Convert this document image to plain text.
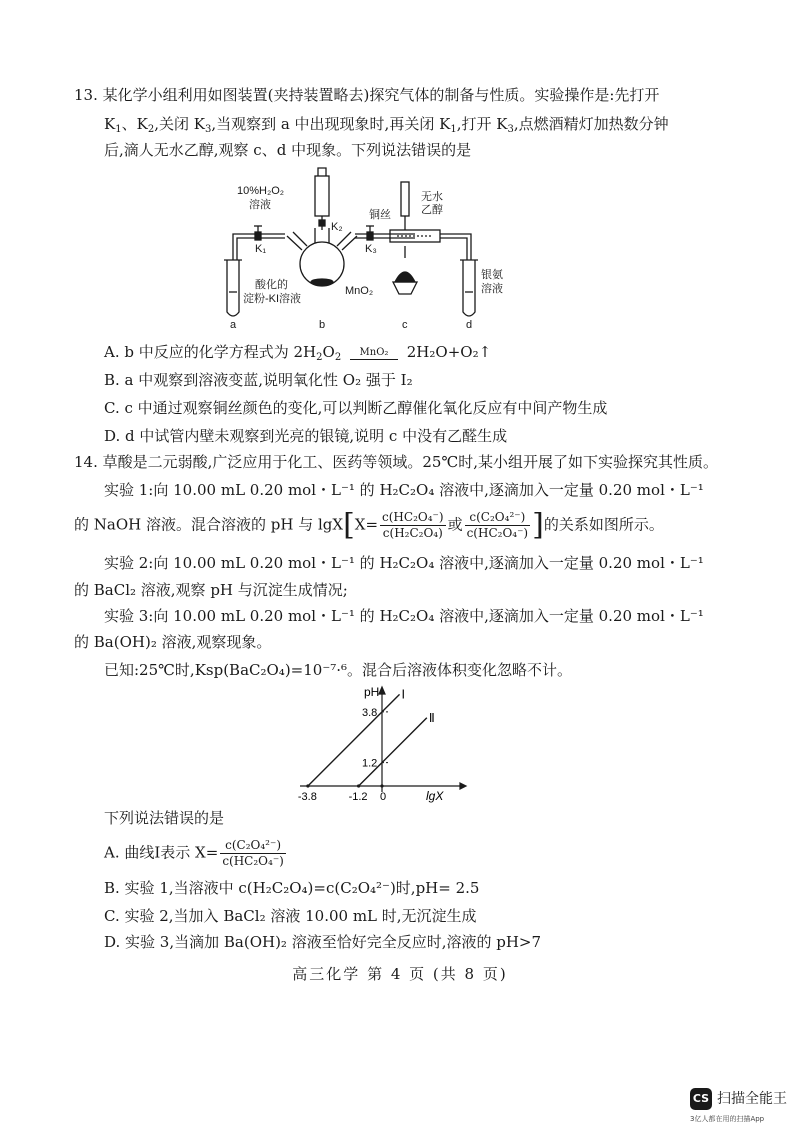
13. 某化学小组利用如图装置(夹持装置略去)探究气体的制备与性质。实验操作是:先打开
$K_1$、$K_2$,关闭 $K_3$,当观察到 a 中出现现象时,再关闭 $K_1$,打开 $K_3$,点燃酒精灯加热数分钟
后,滴人无水乙醇,观察 c、d 中现象。下列说法错误的是
10%H₂O₂
溶液
K₁
K₂
K₃
MnO₂
酸化的
淀粉-KI溶液
铜丝
无水
乙醇
银氨
溶液
a	b	c	d
A. b 中反应的化学方程式为 $2H_2O_2$	MnO₂	2H₂O+O₂↑
B. a 中观察到溶液变蓝,说明氧化性 O₂ 强于 I₂
C. c 中通过观察铜丝颜色的变化,可以判断乙醇催化氧化反应有中间产物生成
D. d 中试管内壁未观察到光亮的银镜,说明 c 中没有乙醛生成
14. 草酸是二元弱酸,广泛应用于化工、医药等领域。25℃时,某小组开展了如下实验探究其性质。
实验 1:向 10.00 mL 0.20 mol・L⁻¹ 的 H₂C₂O₄ 溶液中,逐滴加入一定量 0.20 mol・L⁻¹
的 NaOH 溶液。混合溶液的 pH 与 $\lg X[X= \frac{\text{c(HC₂O₄⁻)}}{\text{c(H₂C₂O₄)}}$ 或 $\frac{\text{c(C₂O₄²⁻)}}{\text{c(HC₂O₄⁻)}}$ ]的关系如图所示。
实验 2:向 10.00 mL 0.20 mol・L⁻¹ 的 H₂C₂O₄ 溶液中,逐滴加入一定量 0.20 mol・L⁻¹
的 BaCl₂ 溶液,观察 pH 与沉淀生成情况;
实验 3:向 10.00 mL 0.20 mol・L⁻¹ 的 H₂C₂O₄ 溶液中,逐滴加入一定量 0.20 mol・L⁻¹
的 Ba(OH)₂ 溶液,观察现象。
已知:25℃时,Ksp(BaC₂O₄)=10⁻⁷·⁶。混合后溶液体积变化忽略不计。
Ⅰ
Ⅱ
3.8
1.2
-3.8	-1.2 0
pH
lgX
下列说法错误的是
A. 曲线Ⅰ表示 $X= \frac{\text{c(C₂O₄²⁻)}}{\text{c(HC₂O₄⁻)}}$
B. 实验 1,当溶液中 c(H₂C₂O₄)=c(C₂O₄²⁻)时,pH= 2.5
C. 实验 2,当加入 BaCl₂ 溶液 10.00 mL 时,无沉淀生成
D. 实验 3,当滴加 Ba(OH)₂ 溶液至恰好完全反应时,溶液的 pH>7
高三化学 第 4 页 (共 8 页)
CS 扫描全能王
3亿人都在用的扫描App
